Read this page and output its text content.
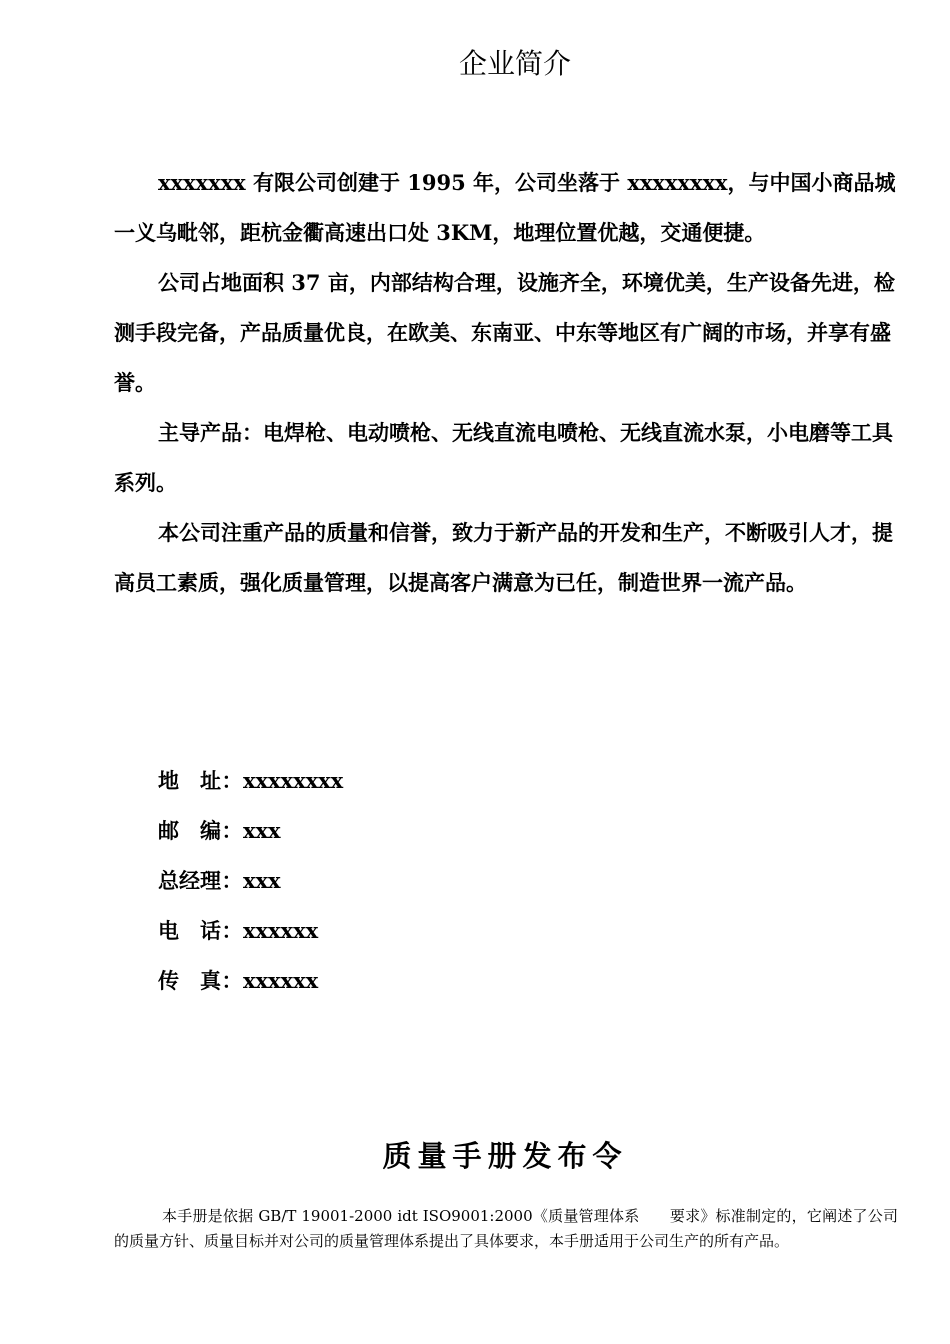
企业简介

xxxxxxx 有限公司创建于 1995 年，公司坐落于 xxxxxxxx，与中国小商品城一义乌毗邻，距杭金衢高速出口处 3KM，地理位置优越，交通便捷。

公司占地面积 37 亩，内部结构合理，设施齐全，环境优美，生产设备先进，检测手段完备，产品质量优良，在欧美、东南亚、中东等地区有广阔的市场，并享有盛誉。

主导产品：电焊枪、电动喷枪、无线直流电喷枪、无线直流水泵，小电磨等工具系列。

本公司注重产品的质量和信誉，致力于新产品的开发和生产，不断吸引人才，提高员工素质，强化质量管理，以提高客户满意为已任，制造世界一流产品。

地　址 ： xxxxxxxx
邮　编 ： xxx
总经理 ： xxx
电　话 ： xxxxxx
传　真 ： xxxxxx
质量手册发布令

本手册是依据 GB/T 19001-2000 idt ISO9001:2000《质量管理体系　　要求》标准制定的，它阐述了公司的质量方针、质量目标并对公司的质量管理体系提出了具体要求，本手册适用于公司生产的所有产品。
